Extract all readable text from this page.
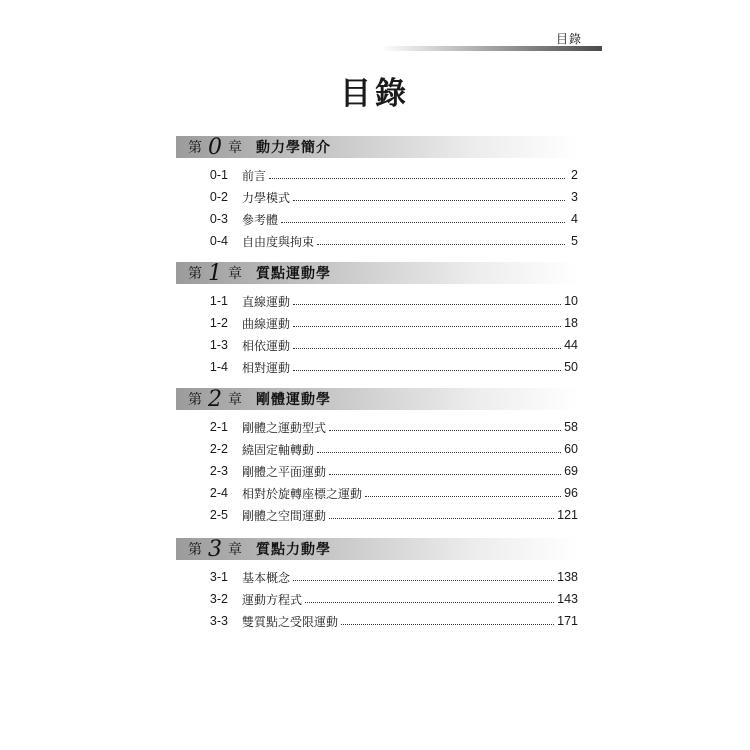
目錄
目錄
第 0 章 動力學簡介
0-1	前言	2
0-2	力學模式	3
0-3	參考體	4
0-4	自由度與拘束	5
第 1 章 質點運動學
1-1	直線運動	10
1-2	曲線運動	18
1-3	相依運動	44
1-4	相對運動	50
第 2 章 剛體運動學
2-1	剛體之運動型式	58
2-2	繞固定軸轉動	60
2-3	剛體之平面運動	69
2-4	相對於旋轉座標之運動	96
2-5	剛體之空間運動	121
第 3 章 質點力動學
3-1	基本概念	138
3-2	運動方程式	143
3-3	雙質點之受限運動	171
